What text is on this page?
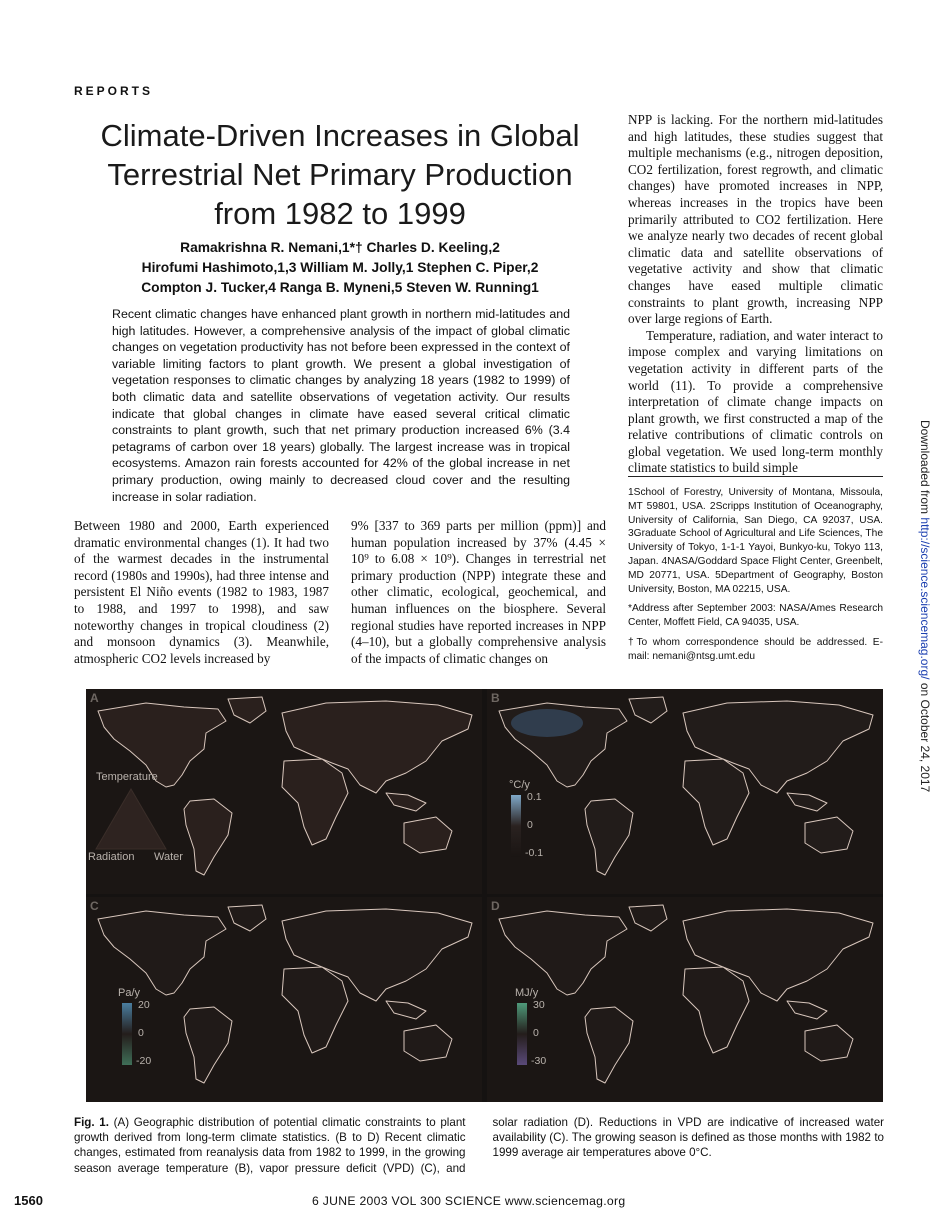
REPORTS
Climate-Driven Increases in Global Terrestrial Net Primary Production from 1982 to 1999
Ramakrishna R. Nemani,1*† Charles D. Keeling,2
Hirofumi Hashimoto,1,3 William M. Jolly,1 Stephen C. Piper,2
Compton J. Tucker,4 Ranga B. Myneni,5 Steven W. Running1
Recent climatic changes have enhanced plant growth in northern mid-latitudes and high latitudes. However, a comprehensive analysis of the impact of global climatic changes on vegetation productivity has not before been expressed in the context of variable limiting factors to plant growth. We present a global investigation of vegetation responses to climatic changes by analyzing 18 years (1982 to 1999) of both climatic data and satellite observations of vegetation activity. Our results indicate that global changes in climate have eased several critical climatic constraints to plant growth, such that net primary production increased 6% (3.4 petagrams of carbon over 18 years) globally. The largest increase was in tropical ecosystems. Amazon rain forests accounted for 42% of the global increase in net primary production, owing mainly to decreased cloud cover and the resulting increase in solar radiation.
Between 1980 and 2000, Earth experienced dramatic environmental changes (1). It had two of the warmest decades in the instrumental record (1980s and 1990s), had three intense and persistent El Niño events (1982 to 1983, 1987 to 1988, and 1997 to 1998), and saw noteworthy changes in tropical cloudiness (2) and monsoon dynamics (3). Meanwhile, atmospheric CO2 levels increased by
9% [337 to 369 parts per million (ppm)] and human population increased by 37% (4.45 × 10⁹ to 6.08 × 10⁹). Changes in terrestrial net primary production (NPP) integrate these and other climatic, ecological, geochemical, and human influences on the biosphere. Several regional studies have reported increases in NPP (4–10), but a globally comprehensive analysis of the impacts of climatic changes on

NPP is lacking. For the northern mid-latitudes and high latitudes, these studies suggest that multiple mechanisms (e.g., nitrogen deposition, CO2 fertilization, forest regrowth, and climatic changes) have promoted increases in NPP, whereas increases in the tropics have been primarily attributed to CO2 fertilization. Here we analyze nearly two decades of recent global climatic data and satellite observations of vegetative activity and show that climatic changes have eased multiple climatic constraints to plant growth, increasing NPP over large regions of Earth.

Temperature, radiation, and water interact to impose complex and varying limitations on vegetation activity in different parts of the world (11). To provide a comprehensive interpretation of climate change impacts on plant growth, we first constructed a map of the relative contributions of climatic controls on global vegetation. We used long-term monthly climate statistics to build simple

1School of Forestry, University of Montana, Missoula, MT 59801, USA. 2Scripps Institution of Oceanography, University of California, San Diego, CA 92037, USA. 3Graduate School of Agricultural and Life Sciences, The University of Tokyo, 1-1-1 Yayoi, Bunkyo-ku, Tokyo 113, Japan. 4NASA/Goddard Space Flight Center, Greenbelt, MD 20771, USA. 5Department of Geography, Boston University, Boston, MA 02215, USA.

*Address after September 2003: NASA/Ames Research Center, Moffett Field, CA 94035, USA.

†To whom correspondence should be addressed. E-mail: nemani@ntsg.umt.edu

Downloaded from http://science.sciencemag.org/ on October 24, 2017
A
Temperature
Radiation Water
B
°C/y
0.1
0
-0.1
C
Pa/y
20
0
-20
D
MJ/y
30
0
-30
Fig. 1. (A) Geographic distribution of potential climatic constraints to plant growth derived from long-term climate statistics. (B to D) Recent climatic changes, estimated from reanalysis data from 1982 to 1999, in the growing season average temperature (B), vapor pressure deficit (VPD) (C), and solar radiation (D). Reductions in VPD are indicative of increased water availability (C). The growing season is defined as those months with 1982 to 1999 average air temperatures above 0°C.
1560	6 JUNE 2003 VOL 300 SCIENCE www.sciencemag.org
